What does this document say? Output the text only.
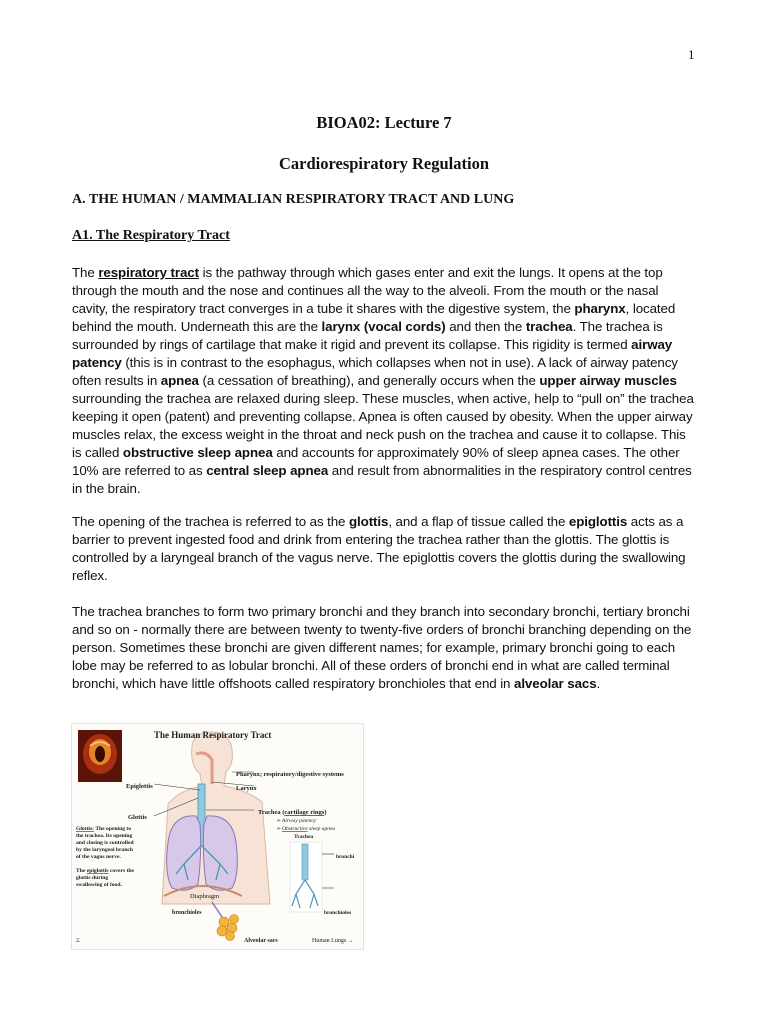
1
BIOA02: Lecture 7
Cardiorespiratory Regulation
A. THE HUMAN / MAMMALIAN RESPIRATORY TRACT AND LUNG
A1. The Respiratory Tract

The respiratory tract is the pathway through which gases enter and exit the lungs. It opens at the top through the mouth and the nose and continues all the way to the alveoli. From the mouth or the nasal cavity, the respiratory tract converges in a tube it shares with the digestive system, the pharynx, located behind the mouth. Underneath this are the larynx (vocal cords) and then the trachea. The trachea is surrounded by rings of cartilage that make it rigid and prevent its collapse. This rigidity is termed airway patency (this is in contrast to the esophagus, which collapses when not in use). A lack of airway patency often results in apnea (a cessation of breathing), and generally occurs when the upper airway muscles surrounding the trachea are relaxed during sleep. These muscles, when active, help to “pull on” the trachea keeping it open (patent) and preventing collapse. Apnea is often caused by obesity. When the upper airway muscles relax, the excess weight in the throat and neck push on the trachea and cause it to collapse. This is called obstructive sleep apnea and accounts for approximately 90% of sleep apnea cases. The other 10% are referred to as central sleep apnea and result from abnormalities in the respiratory control centres in the brain.

The opening of the trachea is referred to as the glottis, and a flap of tissue called the epiglottis acts as a barrier to prevent ingested food and drink from entering the trachea rather than the glottis. The glottis is controlled by a laryngeal branch of the vagus nerve. The epiglottis covers the glottis during the swallowing reflex.

The trachea branches to form two primary bronchi and they branch into secondary bronchi, tertiary bronchi and so on - normally there are between twenty to twenty-five orders of bronchi branching depending on the person. Sometimes these bronchi are given different names; for example, primary bronchi going to each lobe may be referred to as lobular bronchi. All of these orders of bronchi end in what are called terminal bronchi, which have little offshoots called respiratory bronchioles that end in alveolar sacs.

The Human Respiratory Tract
Pharynx; respiratory/digestive systems
Larynx
Epiglottis
Glottis
Trachea (cartilage rings)
➢ Airway patency
➢ Obstructive sleep apnea
Trachea
bronchi
bronchioles
Diaphragm
bronchioles
Alveolar sacs
Glottis: The opening to the trachea. Its opening and closing is controlled by the laryngeal branch of the vagus nerve.
The epiglottis covers the glottis during swallowing of food.
2.	Human Lungs →
